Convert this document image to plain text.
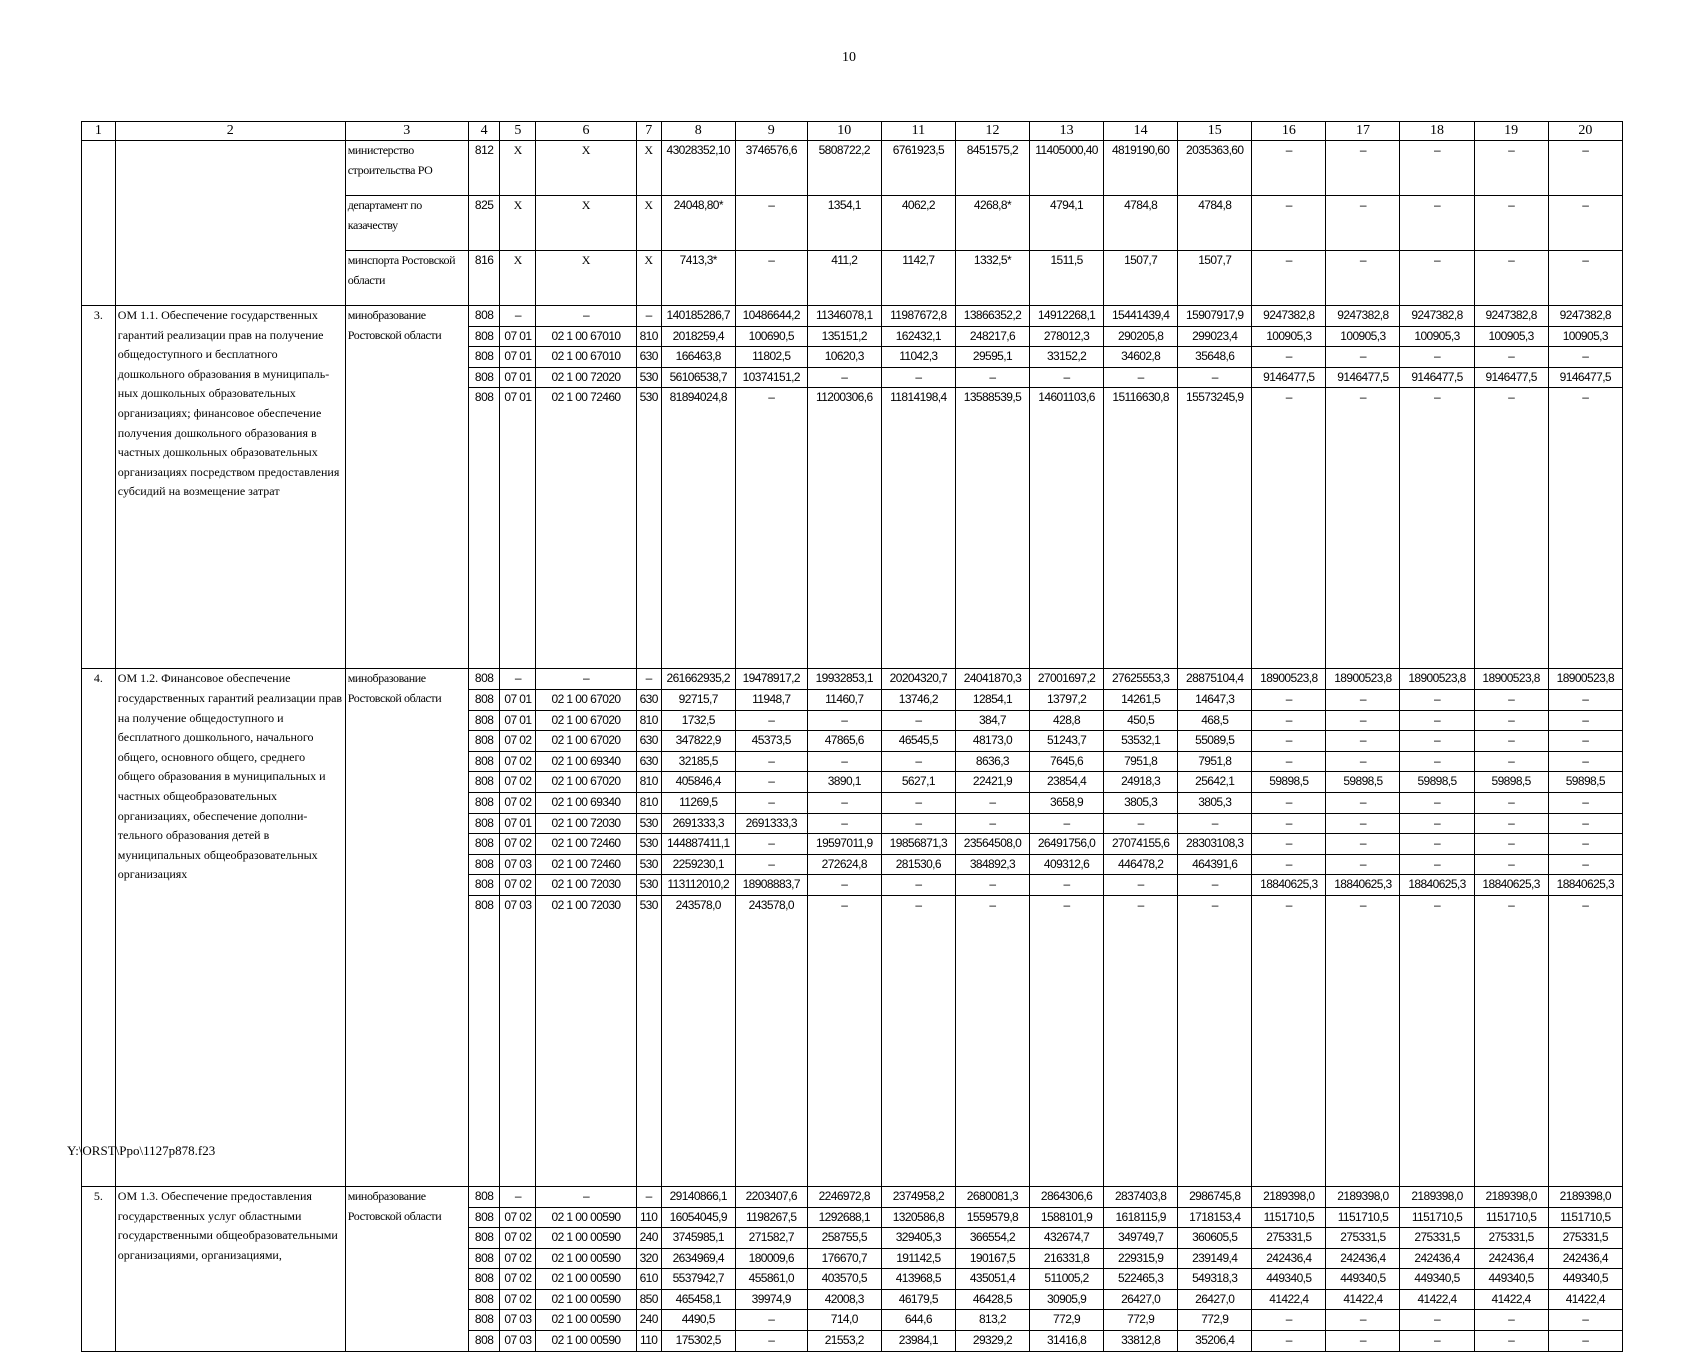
10
1	2	3	4	5	6	7	8	9	10	11	12	13	14	15	16	17	18	19	20
		министерство строительства РО	812	X	X	X	43028352,10	3746576,6	5808722,2	6761923,5	8451575,2	11405000,40	4819190,60	2035363,60	–	–	–	–	–
		департамент по казачеству	825	X	X	X	24048,80*	–	1354,1	4062,2	4268,8*	4794,1	4784,8	4784,8	–	–	–	–	–
		минспорта Ростовской области	816	X	X	X	7413,3*	–	411,2	1142,7	1332,5*	1511,5	1507,7	1507,7	–	–	–	–	–
3.	ОМ 1.1. Обеспечение государственных гарантий реализации прав на получение общедоступного и бесплатного дошкольного образования в муниципальных дошкольных образовательных организациях; финансовое обеспечение получения дошкольного образования в частных дошкольных образовательных организациях посредством предоставления субсидий на возмещение затрат	минобразование Ростовской области	808	–	–	–	140185286,7	10486644,2	11346078,1	11987672,8	13866352,2	14912268,1	15441439,4	15907917,9	9247382,8	9247382,8	9247382,8	9247382,8	9247382,8
			808	07 01	02 1 00 67010	810	2018259,4	100690,5	135151,2	162432,1	248217,6	278012,3	290205,8	299023,4	100905,3	100905,3	100905,3	100905,3	100905,3
			808	07 01	02 1 00 67010	630	166463,8	11802,5	10620,3	11042,3	29595,1	33152,2	34602,8	35648,6	–	–	–	–	–
			808	07 01	02 1 00 72020	530	56106538,7	10374151,2	–	–	–	–	–	–	9146477,5	9146477,5	9146477,5	9146477,5	9146477,5
			808	07 01	02 1 00 72460	530	81894024,8	–	11200306,6	11814198,4	13588539,5	14601103,6	15116630,8	15573245,9	–	–	–	–	–
4.	ОМ 1.2. Финансовое обеспечение государственных гарантий реализации прав на получение общедоступного и бесплатного дошкольного, начального общего, основного общего, среднего общего образования в муниципальных и частных общеобразовательных организациях, обеспечение дополнительного образования детей в муниципальных общеобразовательных организациях	минобразование Ростовской области	808	–	–	–	261662935,2	19478917,2	19932853,1	20204320,7	24041870,3	27001697,2	27625553,3	28875104,4	18900523,8	18900523,8	18900523,8	18900523,8	18900523,8
			808	07 01	02 1 00 67020	630	92715,7	11948,7	11460,7	13746,2	12854,1	13797,2	14261,5	14647,3	–	–	–	–	–
			808	07 01	02 1 00 67020	810	1732,5	–	–	–	384,7	428,8	450,5	468,5	–	–	–	–	–
			808	07 02	02 1 00 67020	630	347822,9	45373,5	47865,6	46545,5	48173,0	51243,7	53532,1	55089,5	–	–	–	–	–
			808	07 02	02 1 00 69340	630	32185,5	–	–	–	8636,3	7645,6	7951,8	7951,8	–	–	–	–	–
			808	07 02	02 1 00 67020	810	405846,4	–	3890,1	5627,1	22421,9	23854,4	24918,3	25642,1	59898,5	59898,5	59898,5	59898,5	59898,5
			808	07 02	02 1 00 69340	810	11269,5	–	–	–	–	3658,9	3805,3	3805,3	–	–	–	–	–
			808	07 01	02 1 00 72030	530	2691333,3	2691333,3	–	–	–	–	–	–	–	–	–	–	–
			808	07 02	02 1 00 72460	530	144887411,1	–	19597011,9	19856871,3	23564508,0	26491756,0	27074155,6	28303108,3	–	–	–	–	–
			808	07 03	02 1 00 72460	530	2259230,1	–	272624,8	281530,6	384892,3	409312,6	446478,2	464391,6	–	–	–	–	–
			808	07 02	02 1 00 72030	530	113112010,2	18908883,7	–	–	–	–	–	–	18840625,3	18840625,3	18840625,3	18840625,3	18840625,3
			808	07 03	02 1 00 72030	530	243578,0	243578,0	–	–	–	–	–	–	–	–	–	–	–
5.	ОМ 1.3. Обеспечение предоставления государственных услуг областными государственными общеобразовательными организациями, организациями,	минобразование Ростовской области	808	–	–	–	29140866,1	2203407,6	2246972,8	2374958,2	2680081,3	2864306,6	2837403,8	2986745,8	2189398,0	2189398,0	2189398,0	2189398,0	2189398,0
			808	07 02	02 1 00 00590	110	16054045,9	1198267,5	1292688,1	1320586,8	1559579,8	1588101,9	1618115,9	1718153,4	1151710,5	1151710,5	1151710,5	1151710,5	1151710,5
			808	07 02	02 1 00 00590	240	3745985,1	271582,7	258755,5	329405,3	366554,2	432674,7	349749,7	360605,5	275331,5	275331,5	275331,5	275331,5	275331,5
			808	07 02	02 1 00 00590	320	2634969,4	180009,6	176670,7	191142,5	190167,5	216331,8	229315,9	239149,4	242436,4	242436,4	242436,4	242436,4	242436,4
			808	07 02	02 1 00 00590	610	5537942,7	455861,0	403570,5	413968,5	435051,4	511005,2	522465,3	549318,3	449340,5	449340,5	449340,5	449340,5	449340,5
			808	07 02	02 1 00 00590	850	465458,1	39974,9	42008,3	46179,5	46428,5	30905,9	26427,0	26427,0	41422,4	41422,4	41422,4	41422,4	41422,4
			808	07 03	02 1 00 00590	240	4490,5	–	714,0	644,6	813,2	772,9	772,9	772,9	–	–	–	–	–
			808	07 03	02 1 00 00590	110	175302,5	–	21553,2	23984,1	29329,2	31416,8	33812,8	35206,4	–	–	–	–	–
Y:\ORST\Ppo\1127p878.f23
